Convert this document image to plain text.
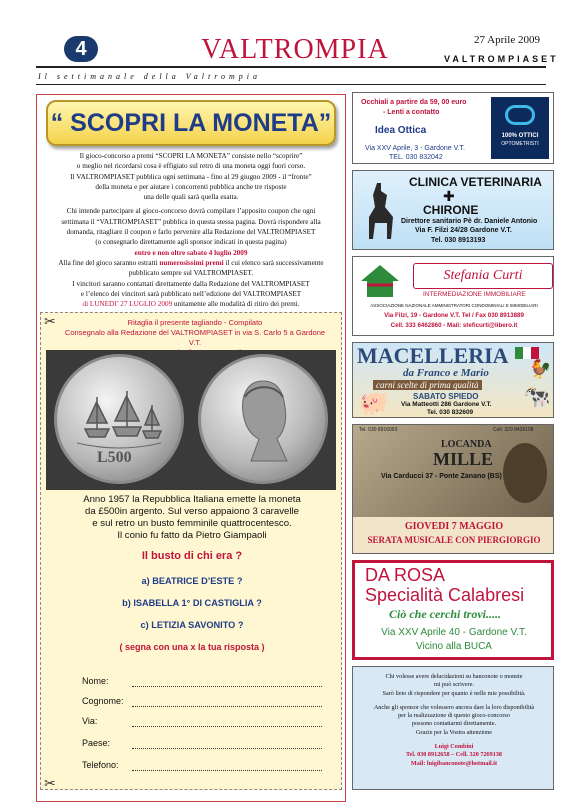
4	VALTROMPIA	27 Aprile 2009
VALTROMPIASET
Il settimanale della Valtrompia
“ SCOPRI LA MONETA”

Il gioco-concorso a premi “SCOPRI LA MONETA” consiste nello “scoprire”

o meglio nel ricordarsi cosa è effigiato sul retro di una moneta oggi fuori corso.

Il VALTROMPIASET pubblica ogni settimana - fino al 29 giugno 2009 - il “fronte”

della moneta e per aiutare i concorrenti pubblica anche tre risposte

una delle quali sarà quella esatta.

Chi intende partecipare al gioco-concorso dovrà compilare l’apposito coupon che ogni

settimana il “VALTROMPIASET” pubblica in questa stessa pagina. Dovrà rispondere alla

domanda, ritagliare il coupon e farlo pervenire alla Redazione del VALTROMPIASET

(o consegnarlo direttamente agli sponsor indicati in questa pagina)

entro e non oltre sabato 4 luglio 2009

Alla fine del gioco saranno estratti numerosissimi premi il cui elenco sarà successivamente

pubblicato sempre sul VALTROMPIASET.

I vincitori saranno contattati direttamente dalla Redazione del VALTROMPIASET

e l’elenco dei vincitori sarà pubblicato nell’edizione del VALTROMPIASET

di LUNEDI’ 27 LUGLIO 2009 unitamente alle modalità di ritiro dei premi.

✂
✂
Ritaglia il presente tagliando - Compilato
Consegnalo alla Redazione del VALTROMPIASET in via S. Carlo 5 a Gardone V.T.
L500
Anno 1957 la Repubblica Italiana emette la moneta
da £500in argento. Sul verso appaiono 3 caravelle
e sul retro un busto femminile quattrocentesco.
Il conio fu fatto da Pietro Giampaoli
Il busto di chi era ?
a) BEATRICE D’ESTE ?
b) ISABELLA 1° DI CASTIGLIA ?
c) LETIZIA SAVONITO ?
( segna con una x la tua risposta )
Nome:
Cognome:
Via:
Paese:
Telefono:
Occhiali a partire da 59, 00 euro
- Lenti a contatto
Idea Ottica
Via XXV Aprile, 3 - Gardone V.T.
TEL. 030 832042
100% OTTICI
OPTOMETRISTI
CLINICA VETERINARIA
✚
CHIRONE
Direttore sanitario Pè dr. Daniele Antonio
Via F. Filzi 24/28 Gardone V.T.
Tel. 030 8913193
Stefania Curti
INTERMEDIAZIONE IMMOBILIARE
ASSOCIAZIONE NAZIONALE AMMINISTRATORI CONDOMINIALI E IMMOBILIARI
Via Filzi, 19 - Gardone V.T. Tel / Fax 030 8913889
Cell. 333 6462860 - Mail: steficurti@libero.it
MACELLERIA
🐓
da Franco e Mario
carni scelte di prima qualità
🐖	SABATO SPIEDO
Via Matteotti 286 Gardone V.T.
Tel. 030 832609
🐄
Tel. 030 8916093	Cell. 329 8436108
LOCANDA
MILLE
Via Carducci 37 - Ponte Zanano (BS)
GIOVEDI 7 MAGGIO
SERATA MUSICALE CON PIERGIORGIO
DA ROSA
Specialità Calabresi
Ciò che cerchi trovi.....
Via XXV Aprile 40 - Gardone V.T.
Vicino alla BUCA
Chi volesse avere delucidazioni su banconote o monete
mi può scrivere.
Sarò lieto di rispondere per quanto è nelle mie possibilità.
Anche gli sponsor che volessero ancora dare la loro disponibilità
per la realizzazione di questo gioco-concorso
possono contattarmi direttamente.
Grazie per la Vostra attenzione
Luigi Combini
Tel. 030 8912658 – Cell. 320 7269138
Mail: luigibanconote@hotmail.it
